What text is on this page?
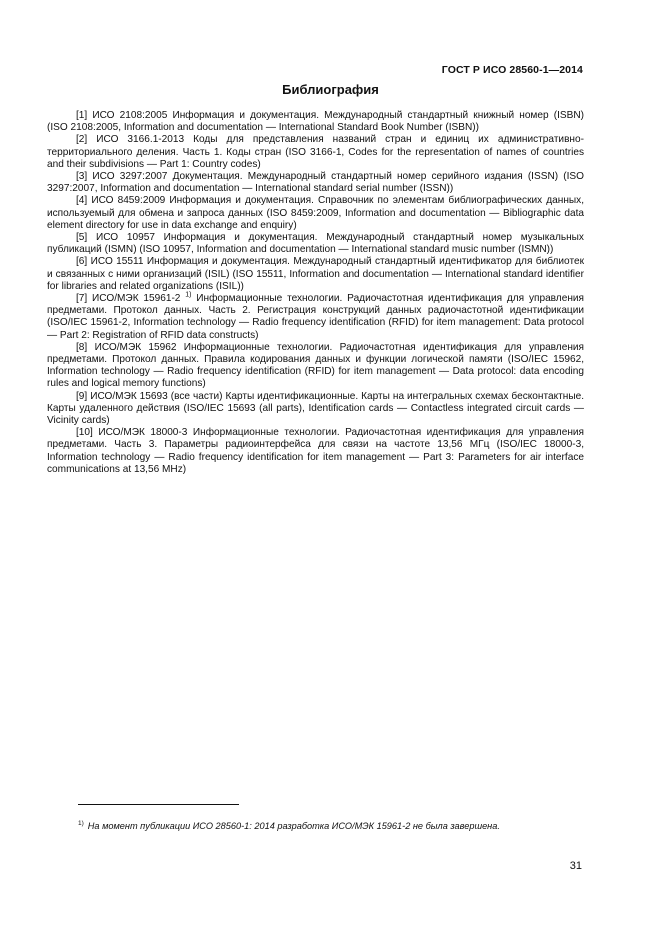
ГОСТ Р ИСО 28560-1—2014
Библиография

[1] ИСО 2108:2005 Информация и документация. Международный стандартный книжный номер (ISBN) (ISO 2108:2005, Information and documentation — International Standard Book Number (ISBN))

[2] ИСО 3166.1-2013 Коды для представления названий стран и единиц их административно-территориального деления. Часть 1. Коды стран (ISO 3166-1, Codes for the representation of names of countries and their subdivisions — Part 1: Country codes)

[3] ИСО 3297:2007 Документация. Международный стандартный номер серийного издания (ISSN) (ISO 3297:2007, Information and documentation — International standard serial number (ISSN))

[4] ИСО 8459:2009 Информация и документация. Справочник по элементам библиографических данных, используемый для обмена и запроса данных (ISO 8459:2009, Information and documentation — Bibliographic data element directory for use in data exchange and enquiry)

[5] ИСО 10957 Информация и документация. Международный стандартный номер музыкальных публикаций (ISMN) (ISO 10957, Information and documentation — International standard music number (ISMN))

[6] ИСО 15511 Информация и документация. Международный стандартный идентификатор для библиотек и связанных с ними организаций (ISIL) (ISO 15511, Information and documentation — International standard identifier for libraries and related organizations (ISIL))

[7] ИСО/МЭК 15961-2 $^{1)}$ Информационные технологии. Радиочастотная идентификация для управления предметами. Протокол данных. Часть 2. Регистрация конструкций данных радиочастотной идентификации (ISO/IEC 15961-2, Information technology — Radio frequency identification (RFID) for item management: Data protocol — Part 2: Registration of RFID data constructs)

[8] ИСО/МЭК 15962 Информационные технологии. Радиочастотная идентификация для управления предметами. Протокол данных. Правила кодирования данных и функции логической памяти (ISO/IEC 15962, Information technology — Radio frequency identification (RFID) for item management — Data protocol: data encoding rules and logical memory functions)

[9] ИСО/МЭК 15693 (все части) Карты идентификационные. Карты на интегральных схемах бесконтактные. Карты удаленного действия (ISO/IEC 15693 (all parts), Identification cards — Contactless integrated circuit cards — Vicinity cards)

[10] ИСО/МЭК 18000-3 Информационные технологии. Радиочастотная идентификация для управления предметами. Часть 3. Параметры радиоинтерфейса для связи на частоте 13,56 МГц (ISO/IEC 18000-3, Information technology — Radio frequency identification for item management — Part 3: Parameters for air interface communications at 13,56 MHz)

$^{1)}$ На момент публикации ИСО 28560-1: 2014 разработка ИСО/МЭК 15961-2 не была завершена.
31
